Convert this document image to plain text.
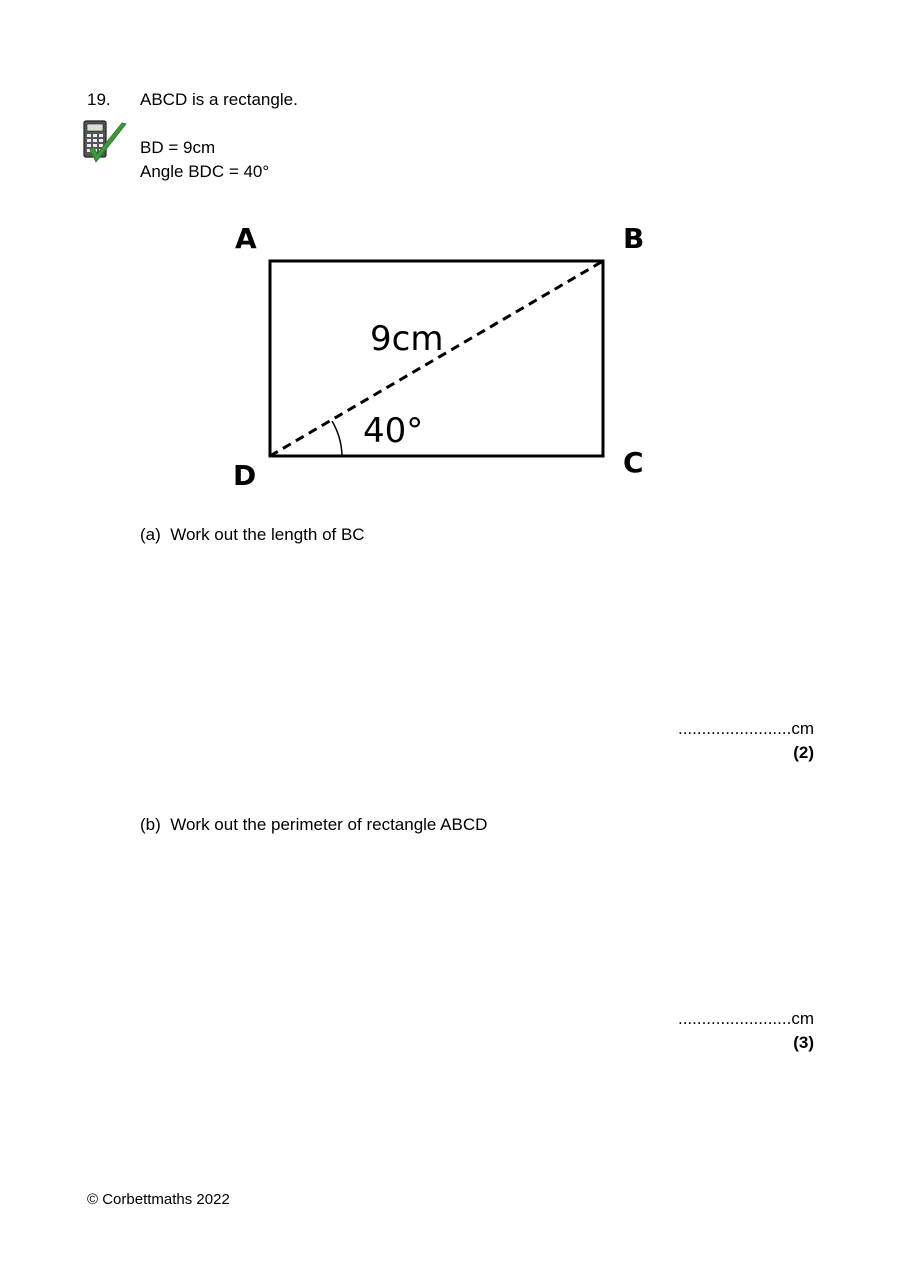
19. ABCD is a rectangle.
BD = 9cm
Angle BDC = 40°
A	B
C
D
9cm
40°
(a) Work out the length of BC
........................cm
(2)
(b) Work out the perimeter of rectangle ABCD
........................cm
(3)
© Corbettmaths 2022
